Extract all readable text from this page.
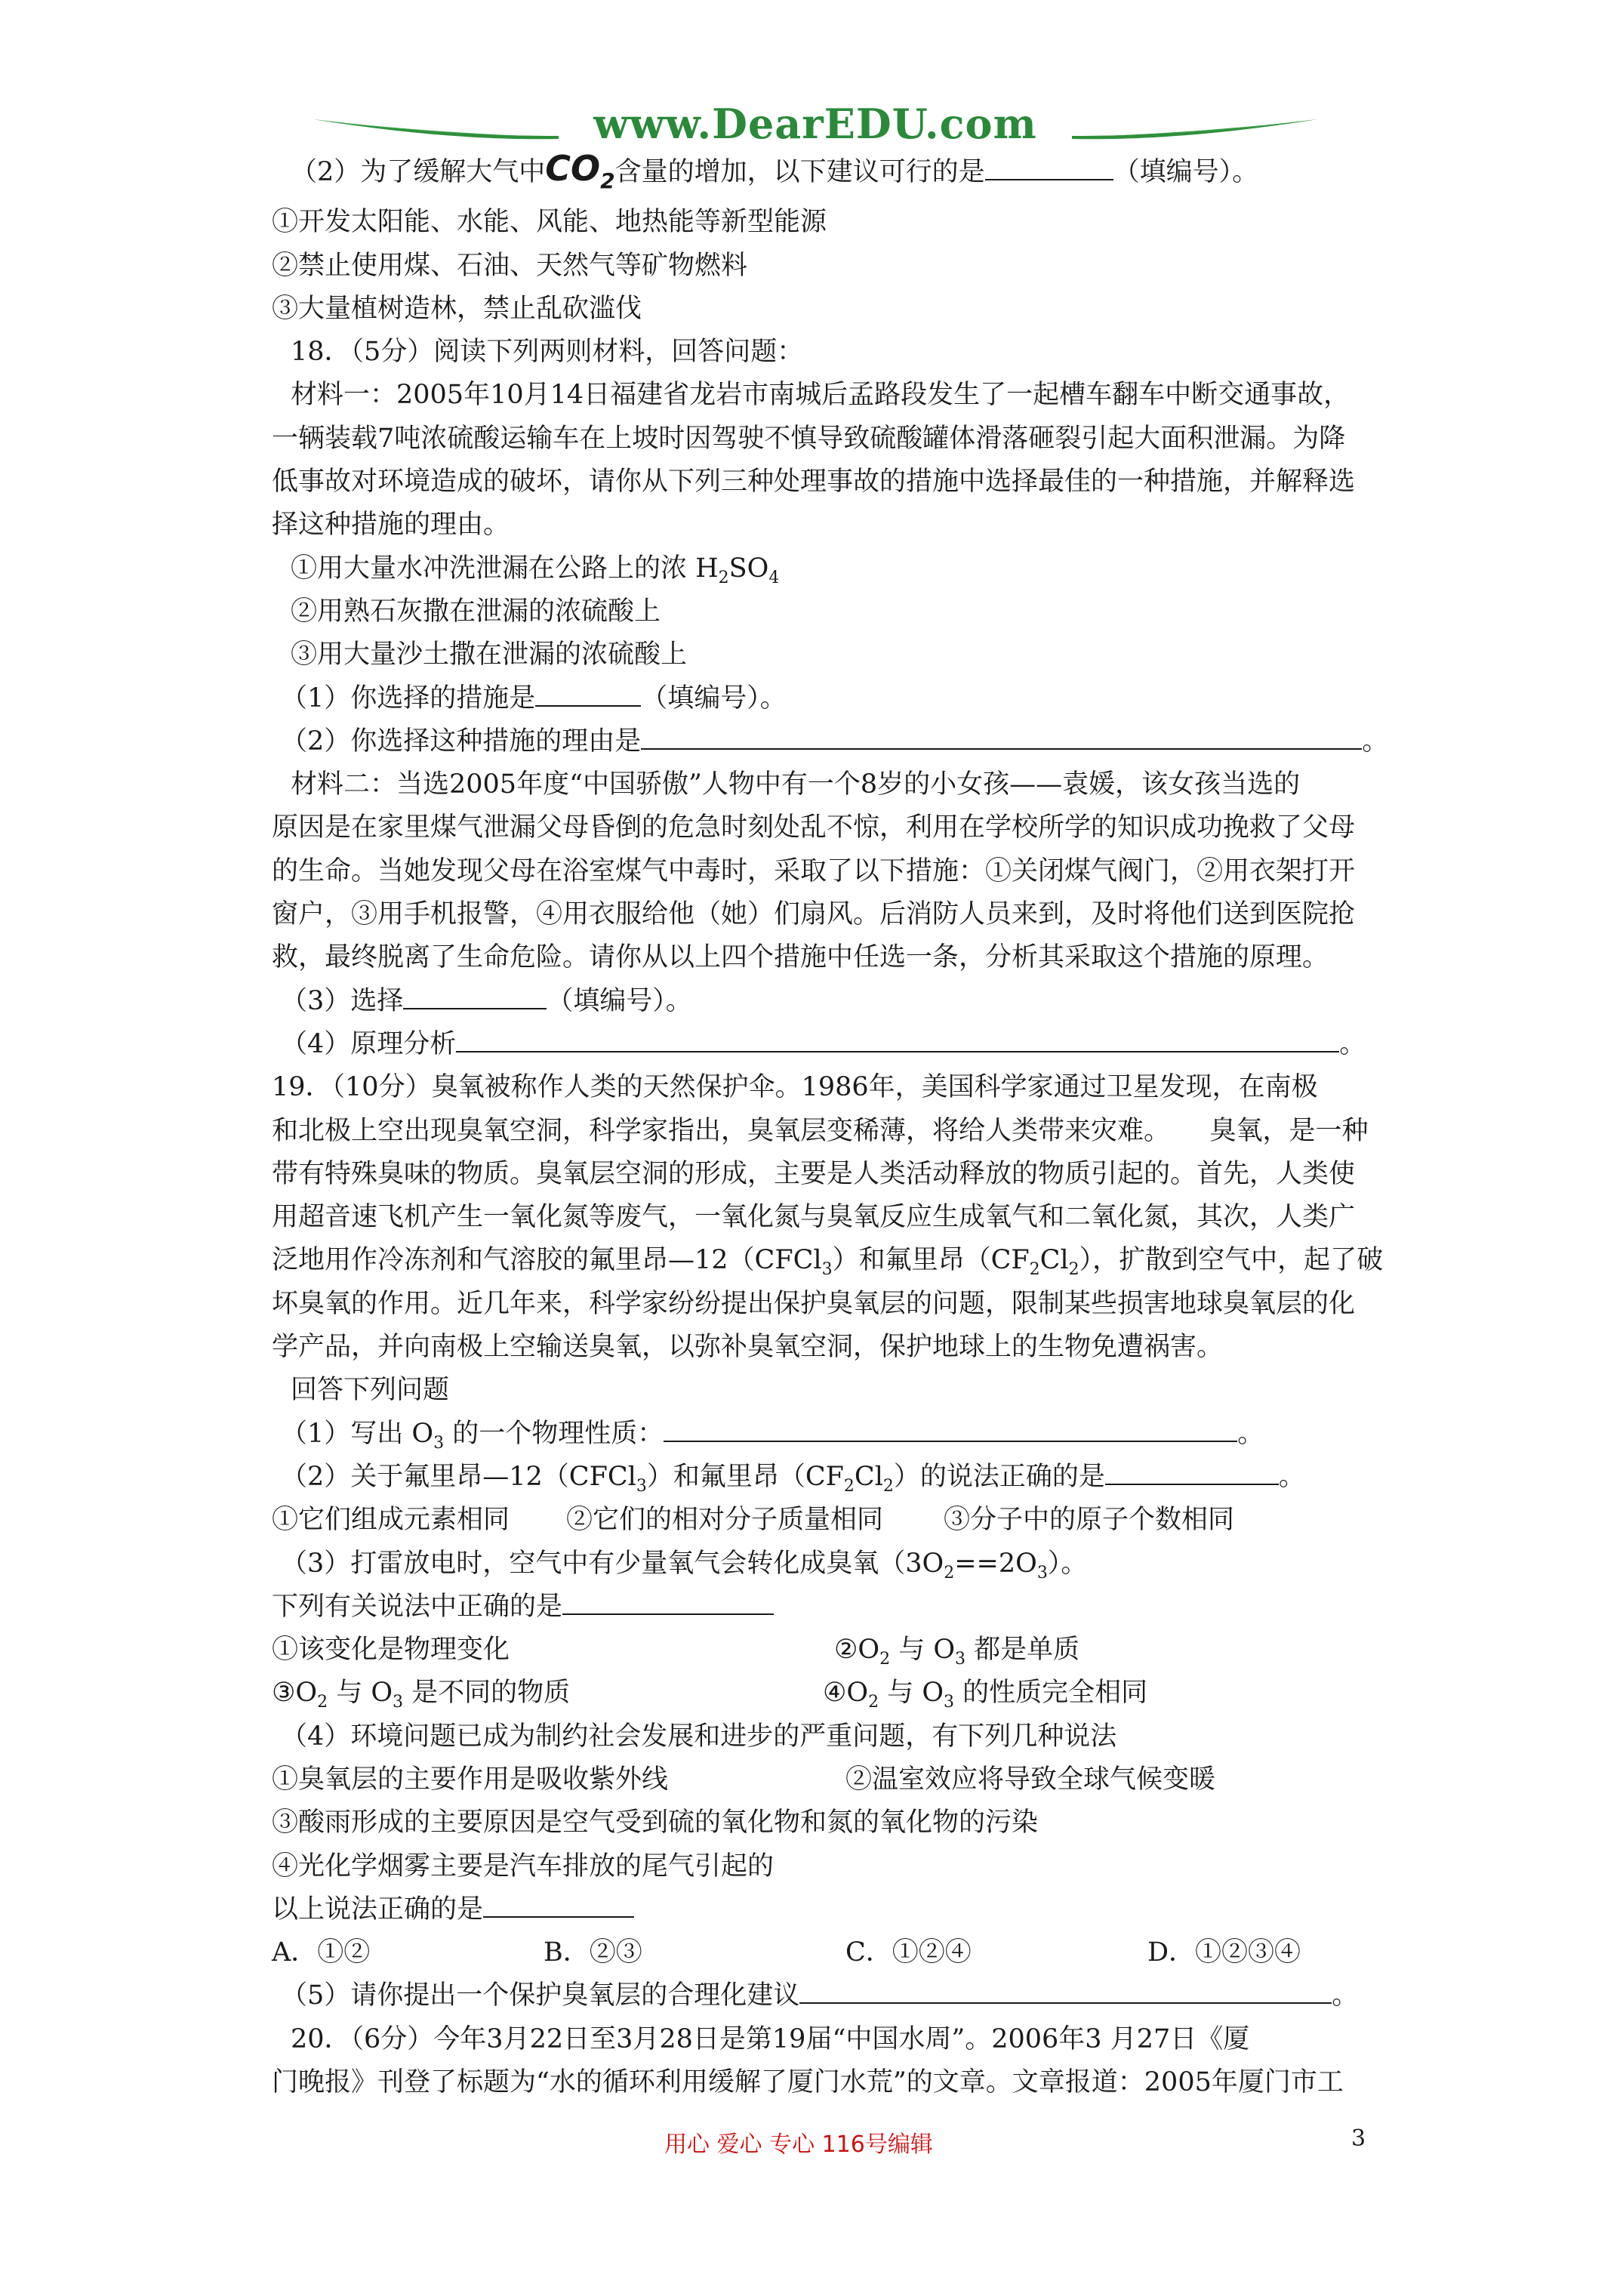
www.DearEDU.com
（2）为了缓解大气中$CO_2$含量的增加，以下建议可行的是	（填编号）。
①开发太阳能、水能、风能、地热能等新型能源
②禁止使用煤、石油、天然气等矿物燃料
③大量植树造林，禁止乱砍滥伐
18．（5分）阅读下列两则材料，回答问题：
材料一：2005年10月14日福建省龙岩市南城后孟路段发生了一起槽车翻车中断交通事故，
一辆装载7吨浓硫酸运输车在上坡时因驾驶不慎导致硫酸罐体滑落砸裂引起大面积泄漏。为降
低事故对环境造成的破坏，请你从下列三种处理事故的措施中选择最佳的一种措施，并解释选
择这种措施的理由。
①用大量水冲洗泄漏在公路上的浓 $H_2SO_4$
②用熟石灰撒在泄漏的浓硫酸上
③用大量沙土撒在泄漏的浓硫酸上
（1）你选择的措施是	（填编号）。
（2）你选择这种措施的理由是	。
材料二：当选2005年度“中国骄傲”人物中有一个8岁的小女孩——袁媛，该女孩当选的
原因是在家里煤气泄漏父母昏倒的危急时刻处乱不惊，利用在学校所学的知识成功挽救了父母
的生命。当她发现父母在浴室煤气中毒时，采取了以下措施：①关闭煤气阀门，②用衣架打开
窗户，③用手机报警，④用衣服给他（她）们扇风。后消防人员来到，及时将他们送到医院抢
救，最终脱离了生命危险。请你从以上四个措施中任选一条，分析其采取这个措施的原理。
（3）选择	（填编号）。
（4）原理分析	。
19．（10分）臭氧被称作人类的天然保护伞。1986年，美国科学家通过卫星发现，在南极
和北极上空出现臭氧空洞，科学家指出，臭氧层变稀薄，将给人类带来灾难。　　臭氧，是一种
带有特殊臭味的物质。臭氧层空洞的形成，主要是人类活动释放的物质引起的。首先，人类使
用超音速飞机产生一氧化氮等废气，一氧化氮与臭氧反应生成氧气和二氧化氮，其次，人类广
泛地用作冷冻剂和气溶胶的氟里昂—12（CFCl$_3$）和氟里昂$(CF_2Cl_2)$，扩散到空气中，起了破
坏臭氧的作用。近几年来，科学家纷纷提出保护臭氧层的问题，限制某些损害地球臭氧层的化
学产品，并向南极上空输送臭氧，以弥补臭氧空洞，保护地球上的生物免遭祸害。
回答下列问题
（1）写出 $O_3$ 的一个物理性质：	。
（2）关于氟里昂—12（CFCl$_3$）和氟里昂$(CF_2Cl_2)$的说法正确的是	。
①它们组成元素相同 ②它们的相对分子质量相同 ③分子中的原子个数相同
（3）打雷放电时，空气中有少量氧气会转化成臭氧$(3O_2==2O_3)$。
下列有关说法中正确的是
①该变化是物理变化	$②O_2$ 与 $O_3$ 都是单质
$③O_2$ 与 $O_3$ 是不同的物质	$④O_2$ 与 $O_3$ 的性质完全相同
（4）环境问题已成为制约社会发展和进步的严重问题，有下列几种说法
①臭氧层的主要作用是吸收紫外线	②温室效应将导致全球气候变暖
③酸雨形成的主要原因是空气受到硫的氧化物和氮的氧化物的污染
④光化学烟雾主要是汽车排放的尾气引起的
以上说法正确的是
A．①②	B．②③	C．①②④	D．①②③④
（5）请你提出一个保护臭氧层的合理化建议	。
20．（6分）今年3月22日至3月28日是第19届“中国水周”。2006年3 月27日《厦
门晚报》刊登了标题为“水的循环利用缓解了厦门水荒”的文章。文章报道：2005年厦门市工
用心 爱心 专心 116号编辑	3
